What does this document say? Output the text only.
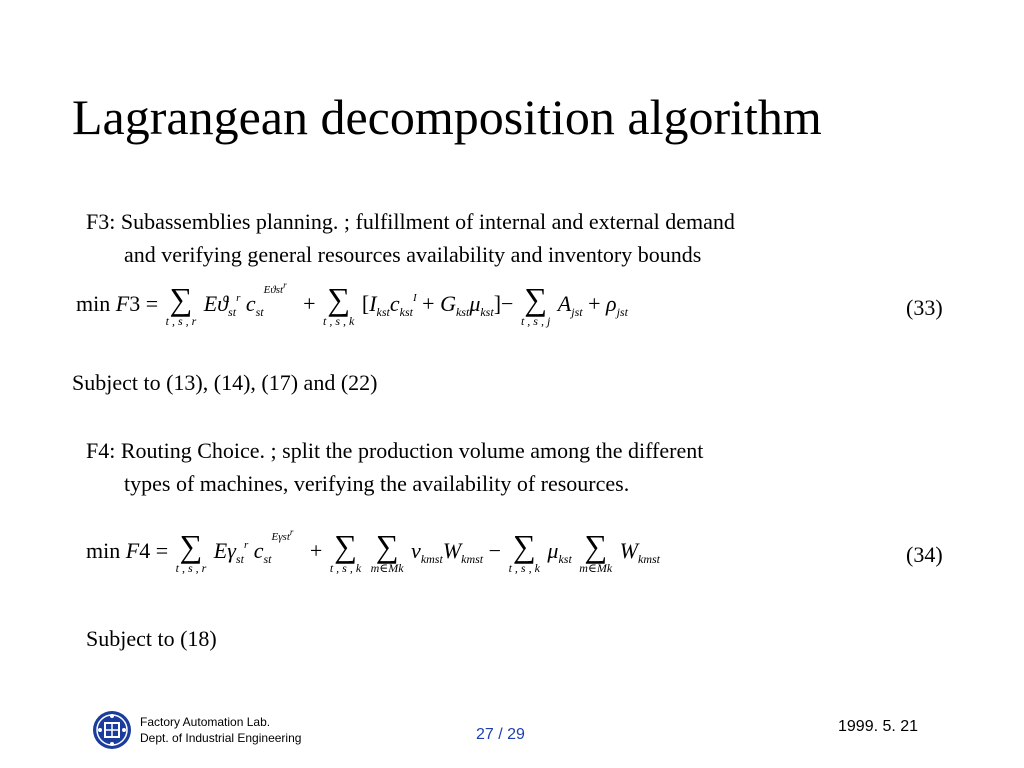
Lagrangean decomposition algorithm
F3: Subassemblies planning. ; fulfillment of internal and external demand
and verifying general resources availability and inventory bounds
min F3 = ∑
t , s , r
$Eϑ_{st}^r$ $c_{st}^{Eϑst^r}$   + ∑
t , s , k
$[I_{kst}c_{kst}^I + G_{kst}\mu_{kst}]-$ ∑
t , s , j
$A_{jst} + \rho_{jst}$	(33)
Subject to (13), (14), (17) and (22)
F4: Routing Choice. ; split the production volume among the different
types of machines, verifying the availability of resources.
min F4 = ∑
t , s , r
$E\gamma_{st}^r$ $c_{st}^{E\gamma st^r}$   + ∑
t , s , k

∑
m∈Mk
$\nu_{kmst}W_{kmst}$ − ∑
t , s , k
$\mu_{kst}$ ∑
m∈Mk
$W_{kmst}$	(34)
Subject to (18)
Factory Automation Lab.
Dept. of Industrial Engineering	27 / 29	1999. 5. 21
